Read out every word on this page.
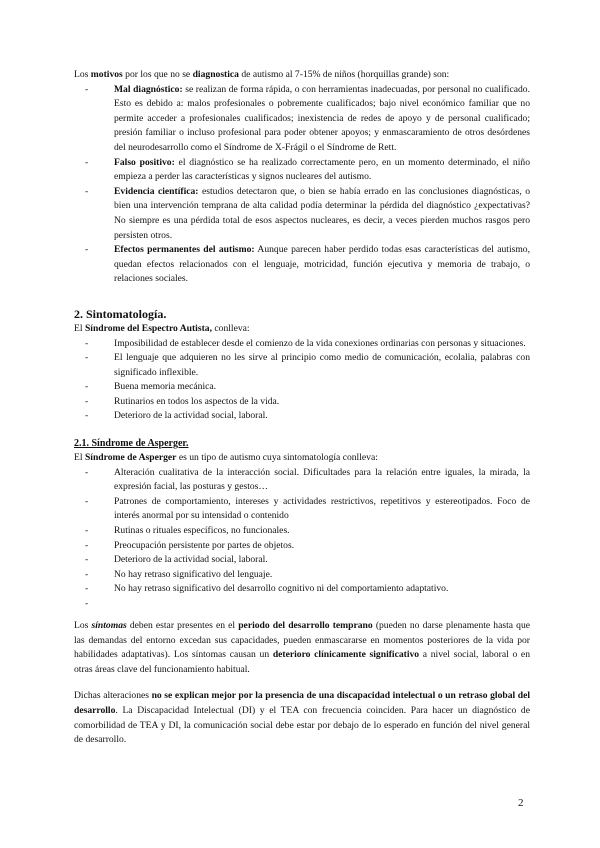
Los motivos por los que no se diagnostica de autismo al 7-15% de niños (horquillas grande) son:

- Mal diagnóstico: se realizan de forma rápida, o con herramientas inadecuadas, por personal no cualificado. Esto es debido a: malos profesionales o pobremente cualificados; bajo nivel económico familiar que no permite acceder a profesionales cualificados; inexistencia de redes de apoyo y de personal cualificado; presión familiar o incluso profesional para poder obtener apoyos; y enmascaramiento de otros desórdenes del neurodesarrollo como el Síndrome de X-Frágil o el Síndrome de Rett.
- Falso positivo: el diagnóstico se ha realizado correctamente pero, en un momento determinado, el niño empieza a perder las características y signos nucleares del autismo.
- Evidencia científica: estudios detectaron que, o bien se había errado en las conclusiones diagnósticas, o bien una intervención temprana de alta calidad podía determinar la pérdida del diagnóstico ¿expectativas? No siempre es una pérdida total de esos aspectos nucleares, es decir, a veces pierden muchos rasgos pero persisten otros.
- Efectos permanentes del autismo: Aunque parecen haber perdido todas esas características del autismo, quedan efectos relacionados con el lenguaje, motricidad, función ejecutiva y memoria de trabajo, o relaciones sociales.
2. Sintomatología.

El Síndrome del Espectro Autista, conlleva:

- Imposibilidad de establecer desde el comienzo de la vida conexiones ordinarias con personas y situaciones.
- El lenguaje que adquieren no les sirve al principio como medio de comunicación, ecolalia, palabras con significado inflexible.
- Buena memoria mecánica.
- Rutinarios en todos los aspectos de la vida.
- Deterioro de la actividad social, laboral.
2.1. Síndrome de Asperger.

El Síndrome de Asperger es un tipo de autismo cuya sintomatología conlleva:

- Alteración cualitativa de la interacción social. Dificultades para la relación entre iguales, la mirada, la expresión facial, las posturas y gestos…
- Patrones de comportamiento, intereses y actividades restrictivos, repetitivos y estereotipados. Foco de interés anormal por su intensidad o contenido
- Rutinas o rituales específicos, no funcionales.
- Preocupación persistente por partes de objetos.
- Deterioro de la actividad social, laboral.
- No hay retraso significativo del lenguaje.
- No hay retraso significativo del desarrollo cognitivo ni del comportamiento adaptativo.
-

Los síntomas deben estar presentes en el periodo del desarrollo temprano (pueden no darse plenamente hasta que las demandas del entorno excedan sus capacidades, pueden enmascararse en momentos posteriores de la vida por habilidades adaptativas). Los síntomas causan un deterioro clínicamente significativo a nivel social, laboral o en otras áreas clave del funcionamiento habitual.

Dichas alteraciones no se explican mejor por la presencia de una discapacidad intelectual o un retraso global del desarrollo. La Discapacidad Intelectual (DI) y el TEA con frecuencia coinciden. Para hacer un diagnóstico de comorbilidad de TEA y DI, la comunicación social debe estar por debajo de lo esperado en función del nivel general de desarrollo.

2
